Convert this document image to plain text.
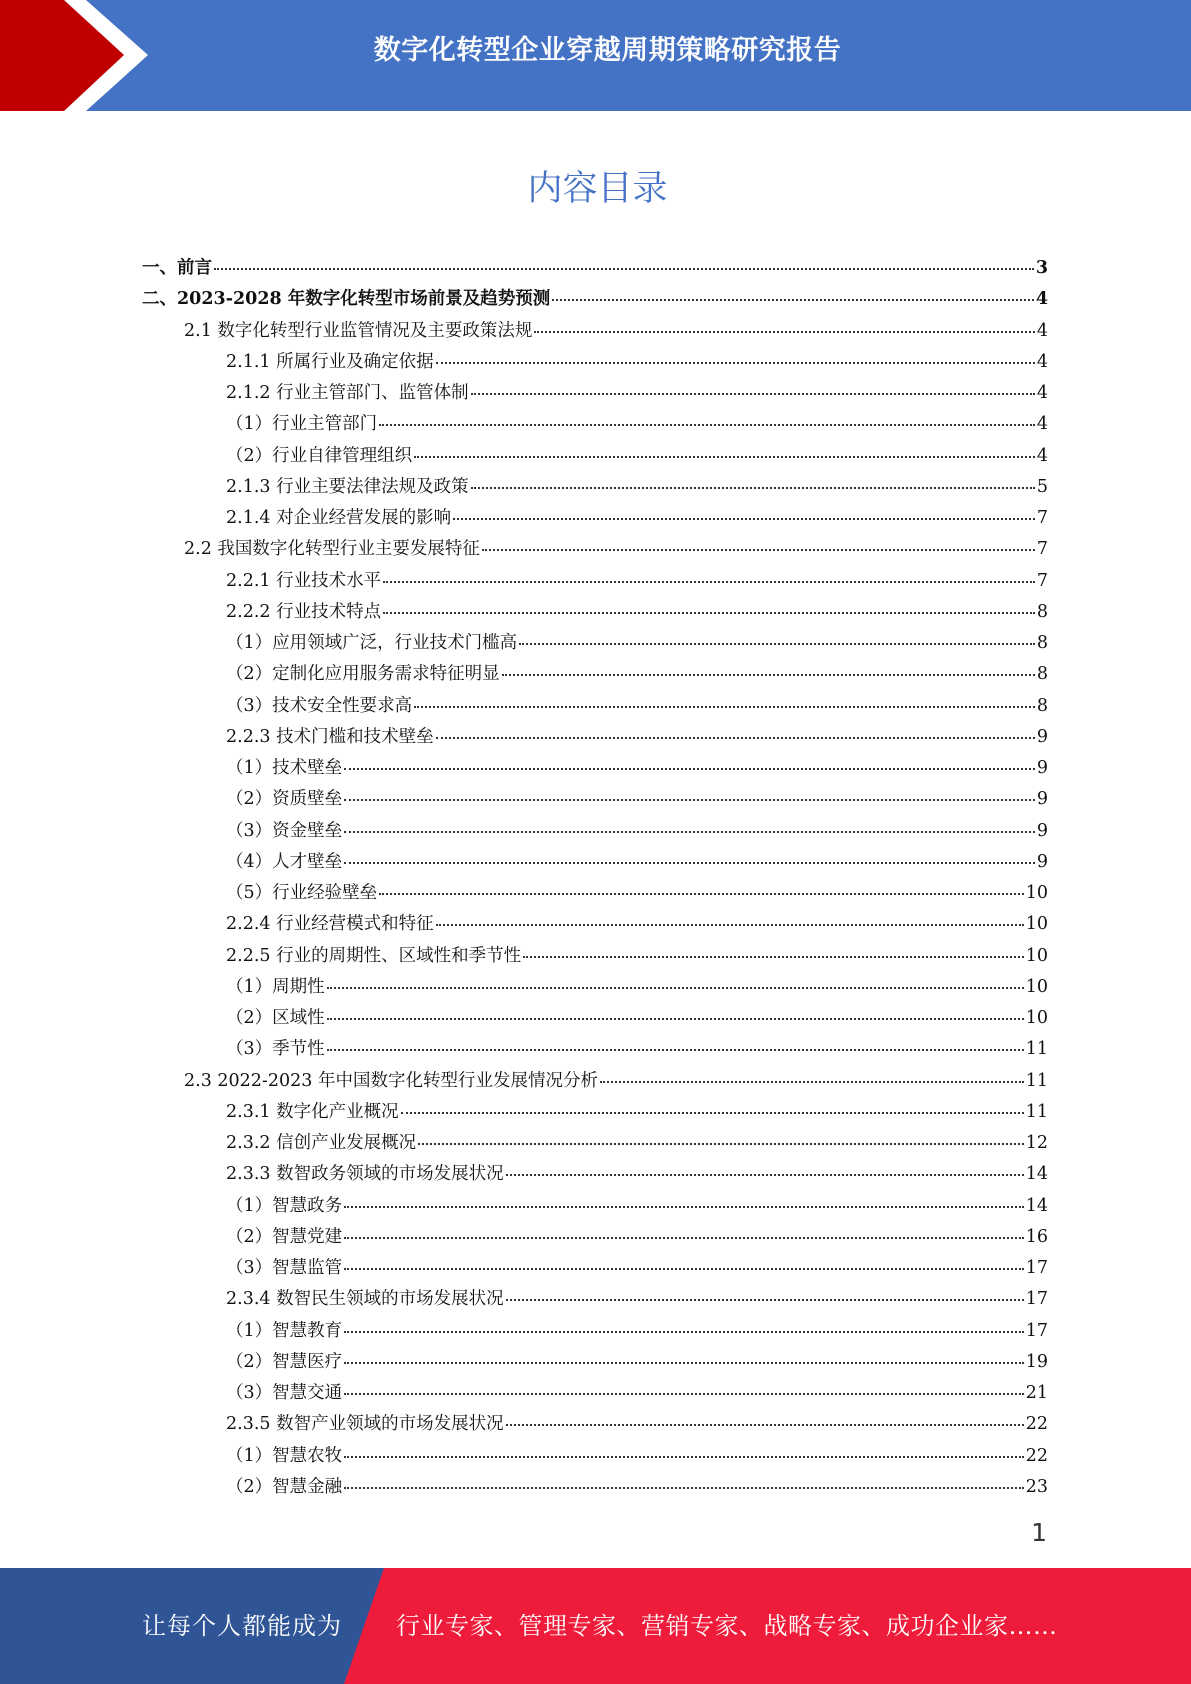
数字化转型企业穿越周期策略研究报告
内容目录
一、前言	3
二、2023-2028 年数字化转型市场前景及趋势预测	4
2.1 数字化转型行业监管情况及主要政策法规	4
2.1.1 所属行业及确定依据	4
2.1.2 行业主管部门、监管体制	4
（1）行业主管部门	4
（2）行业自律管理组织	4
2.1.3 行业主要法律法规及政策	5
2.1.4 对企业经营发展的影响	7
2.2 我国数字化转型行业主要发展特征	7
2.2.1 行业技术水平	7
2.2.2 行业技术特点	8
（1）应用领域广泛，行业技术门槛高	8
（2）定制化应用服务需求特征明显	8
（3）技术安全性要求高	8
2.2.3 技术门槛和技术壁垒	9
（1）技术壁垒	9
（2）资质壁垒	9
（3）资金壁垒	9
（4）人才壁垒	9
（5）行业经验壁垒	10
2.2.4 行业经营模式和特征	10
2.2.5 行业的周期性、区域性和季节性	10
（1）周期性	10
（2）区域性	10
（3）季节性	11
2.3 2022-2023 年中国数字化转型行业发展情况分析	11
2.3.1 数字化产业概况	11
2.3.2 信创产业发展概况	12
2.3.3 数智政务领域的市场发展状况	14
（1）智慧政务	14
（2）智慧党建	16
（3）智慧监管	17
2.3.4 数智民生领域的市场发展状况	17
（1）智慧教育	17
（2）智慧医疗	19
（3）智慧交通	21
2.3.5 数智产业领域的市场发展状况	22
（1）智慧农牧	22
（2）智慧金融	23
1
让每个人都能成为 行业专家、管理专家、营销专家、战略专家、成功企业家……
